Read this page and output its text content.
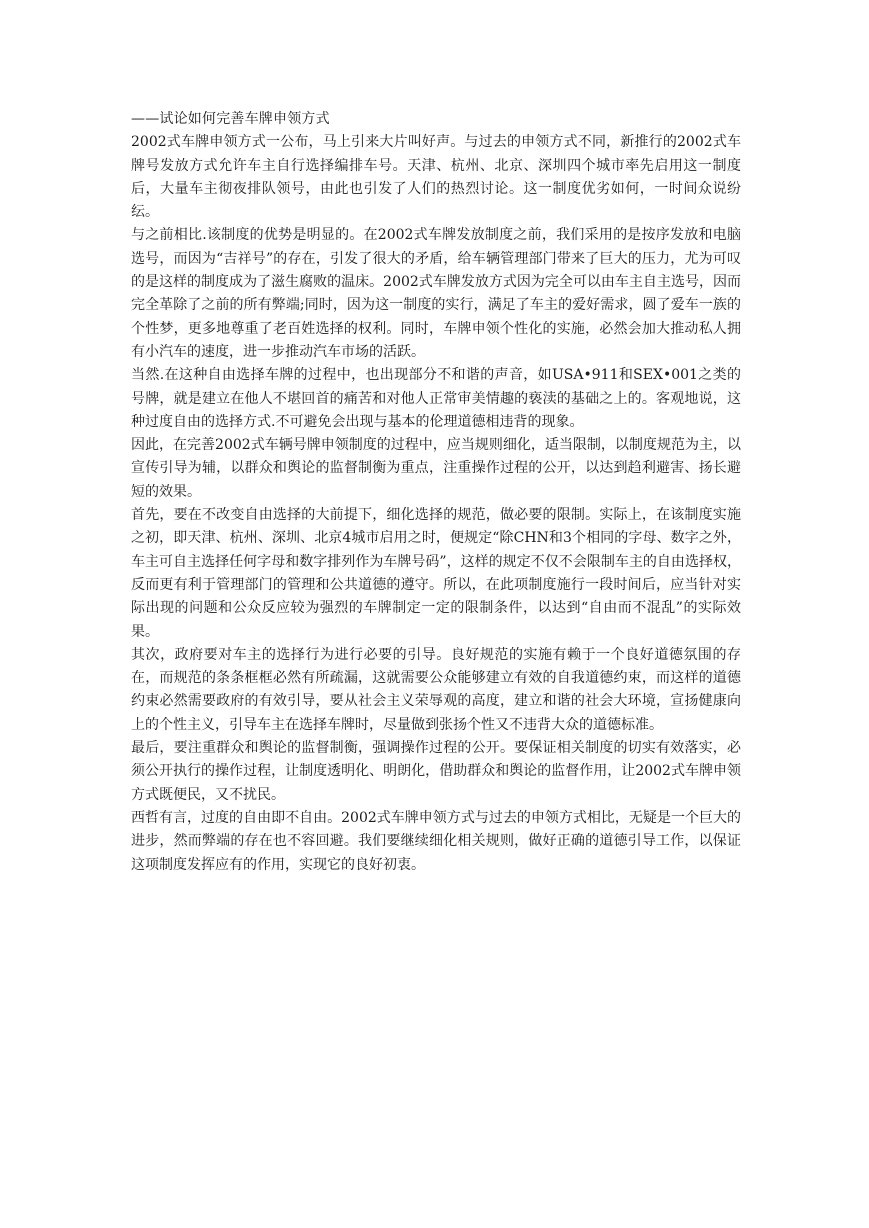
——试论如何完善车牌申领方式

2002式车牌申领方式一公布，马上引来大片叫好声。与过去的申领方式不同，新推行的2002式车牌号发放方式允许车主自行选择编排车号。天津、杭州、北京、深圳四个城市率先启用这一制度后，大量车主彻夜排队领号，由此也引发了人们的热烈讨论。这一制度优劣如何，一时间众说纷纭。

与之前相比.该制度的优势是明显的。在2002式车牌发放制度之前，我们采用的是按序发放和电脑选号，而因为“吉祥号”的存在，引发了很大的矛盾，给车辆管理部门带来了巨大的压力，尤为可叹的是这样的制度成为了滋生腐败的温床。2002式车牌发放方式因为完全可以由车主自主选号，因而完全革除了之前的所有弊端;同时，因为这一制度的实行，满足了车主的爱好需求，圆了爱车一族的个性梦，更多地尊重了老百姓选择的权利。同时，车牌申领个性化的实施，必然会加大推动私人拥有小汽车的速度，进一步推动汽车市场的活跃。

当然.在这种自由选择车牌的过程中，也出现部分不和谐的声音，如USA•911和SEX•001之类的号牌，就是建立在他人不堪回首的痛苦和对他人正常审美情趣的亵渎的基础之上的。客观地说，这种过度自由的选择方式.不可避免会出现与基本的伦理道德相违背的现象。

因此，在完善2002式车辆号牌申领制度的过程中，应当规则细化，适当限制，以制度规范为主，以宣传引导为辅，以群众和舆论的监督制衡为重点，注重操作过程的公开，以达到趋利避害、扬长避短的效果。

首先，要在不改变自由选择的大前提下，细化选择的规范，做必要的限制。实际上，在该制度实施之初，即天津、杭州、深圳、北京4城市启用之时，便规定“除CHN和3个相同的字母、数字之外，车主可自主选择任何字母和数字排列作为车牌号码”，这样的规定不仅不会限制车主的自由选择权，反而更有利于管理部门的管理和公共道德的遵守。所以，在此项制度施行一段时间后，应当针对实际出现的问题和公众反应较为强烈的车牌制定一定的限制条件，以达到“自由而不混乱”的实际效果。

其次，政府要对车主的选择行为进行必要的引导。良好规范的实施有赖于一个良好道德氛围的存在，而规范的条条框框必然有所疏漏，这就需要公众能够建立有效的自我道德约束，而这样的道德约束必然需要政府的有效引导，要从社会主义荣辱观的高度，建立和谐的社会大环境，宣扬健康向上的个性主义，引导车主在选择车牌时，尽量做到张扬个性又不违背大众的道德标准。

最后，要注重群众和舆论的监督制衡，强调操作过程的公开。要保证相关制度的切实有效落实，必须公开执行的操作过程，让制度透明化、明朗化，借助群众和舆论的监督作用，让2002式车牌申领方式既便民，又不扰民。

西哲有言，过度的自由即不自由。2002式车牌申领方式与过去的申领方式相比，无疑是一个巨大的进步，然而弊端的存在也不容回避。我们要继续细化相关规则，做好正确的道德引导工作，以保证这项制度发挥应有的作用，实现它的良好初衷。
